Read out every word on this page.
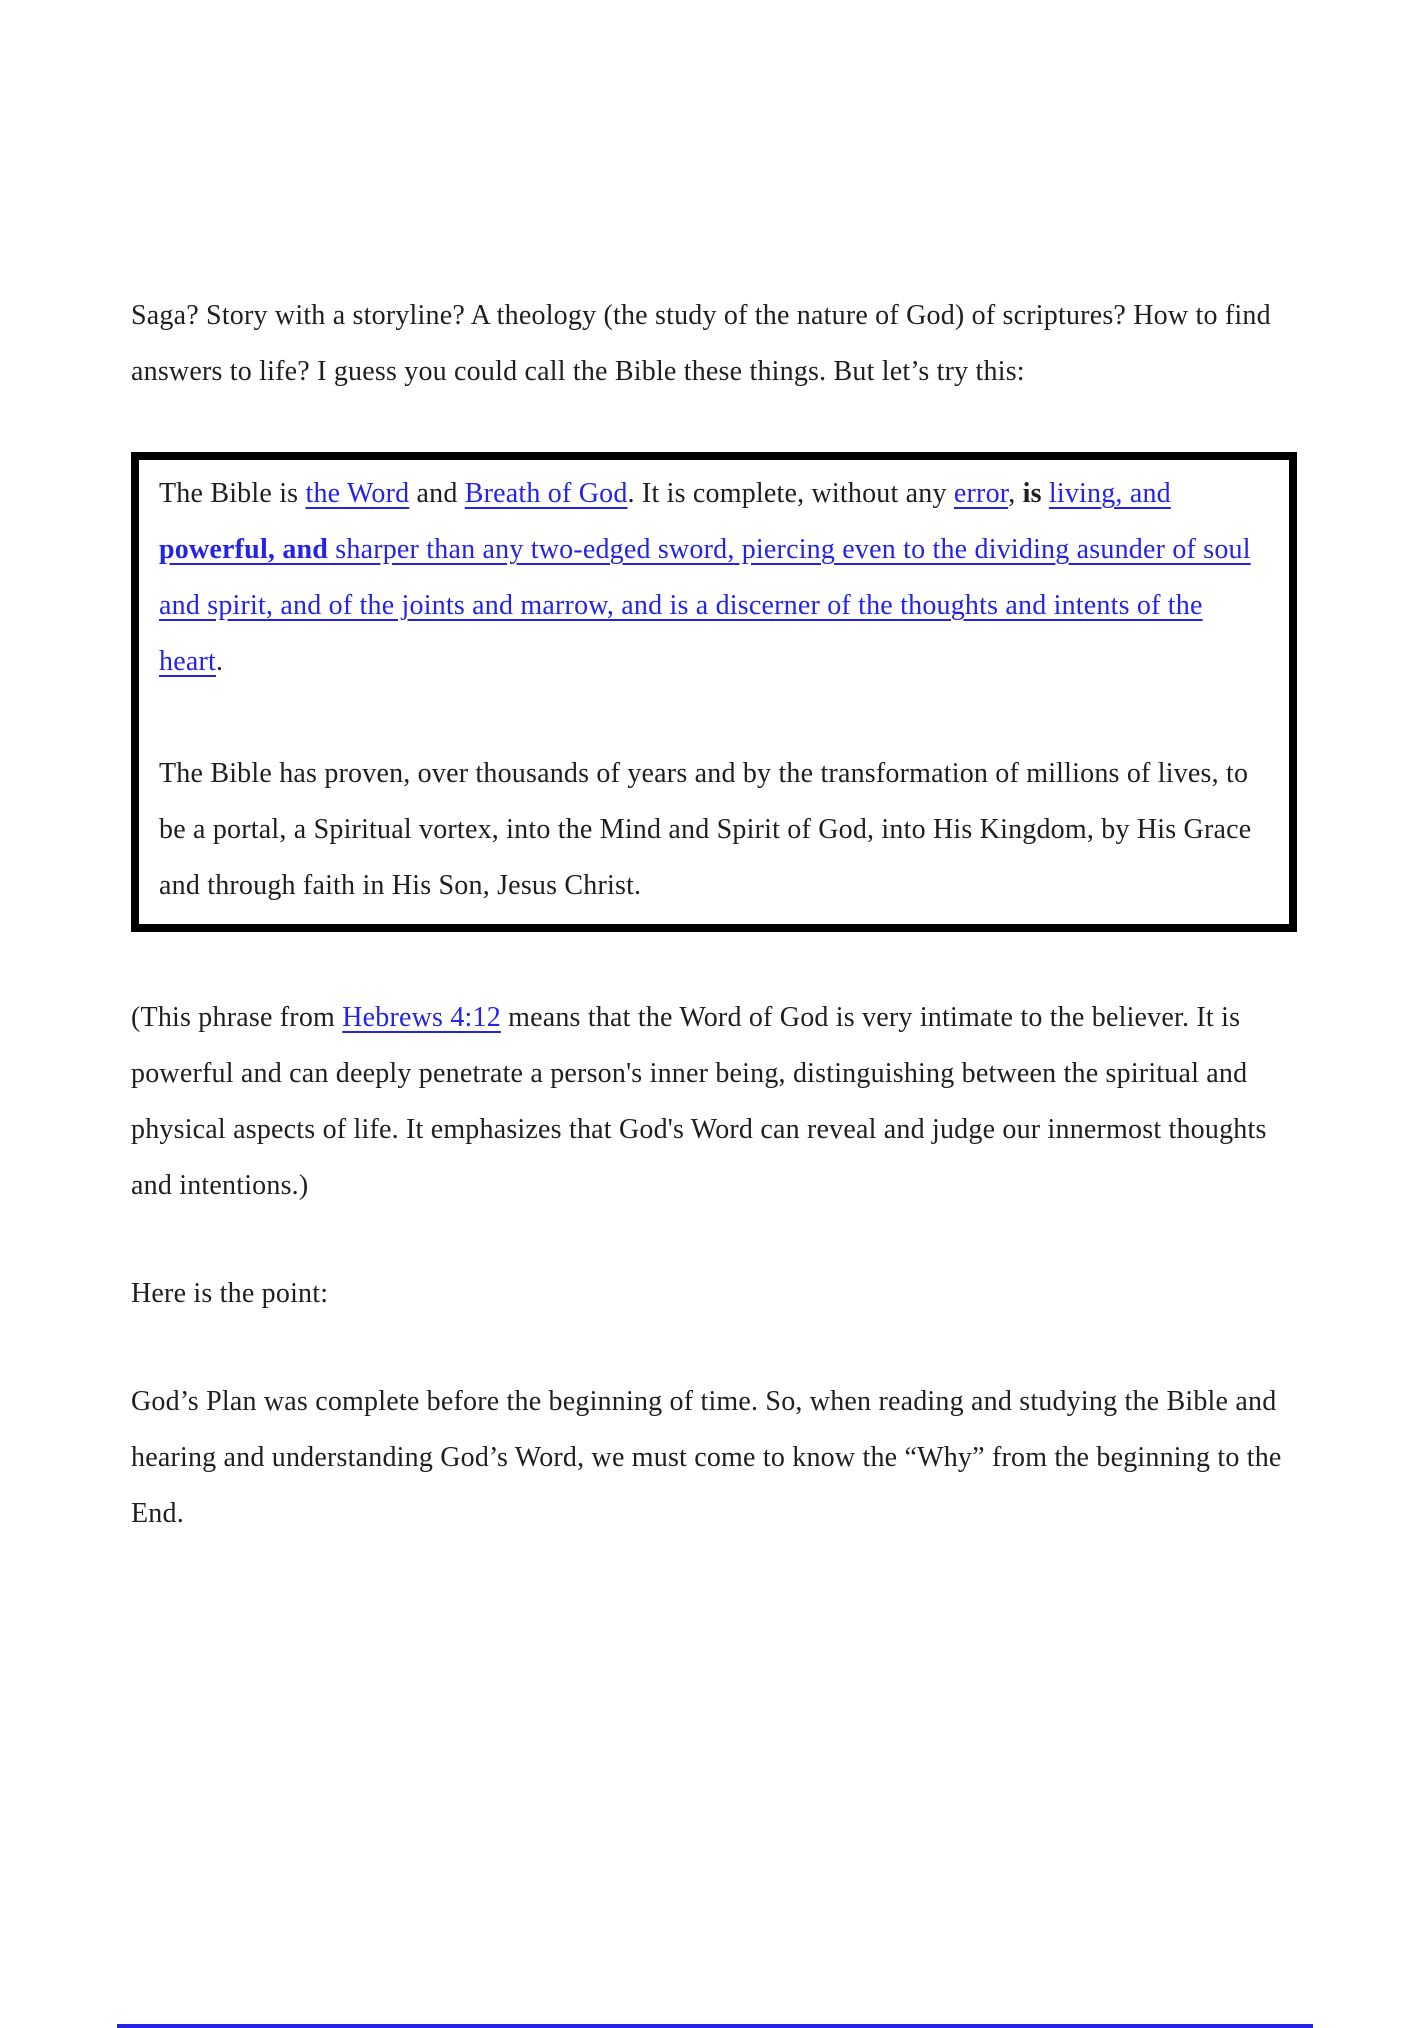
Saga? Story with a storyline? A theology (the study of the nature of God) of scriptures? How to find answers to life? I guess you could call the Bible these things. But let’s try this:

The Bible is the Word and Breath of God. It is complete, without any error, is living, and powerful, and sharper than any two-edged sword, piercing even to the dividing asunder of soul and spirit, and of the joints and marrow, and is a discerner of the thoughts and intents of the heart.

The Bible has proven, over thousands of years and by the transformation of millions of lives, to be a portal, a Spiritual vortex, into the Mind and Spirit of God, into His Kingdom, by His Grace and through faith in His Son, Jesus Christ.

(This phrase from Hebrews 4:12 means that the Word of God is very intimate to the believer. It is powerful and can deeply penetrate a person's inner being, distinguishing between the spiritual and physical aspects of life. It emphasizes that God's Word can reveal and judge our innermost thoughts and intentions.)

Here is the point:

God’s Plan was complete before the beginning of time. So, when reading and studying the Bible and hearing and understanding God’s Word, we must come to know the “Why” from the beginning to the End.
